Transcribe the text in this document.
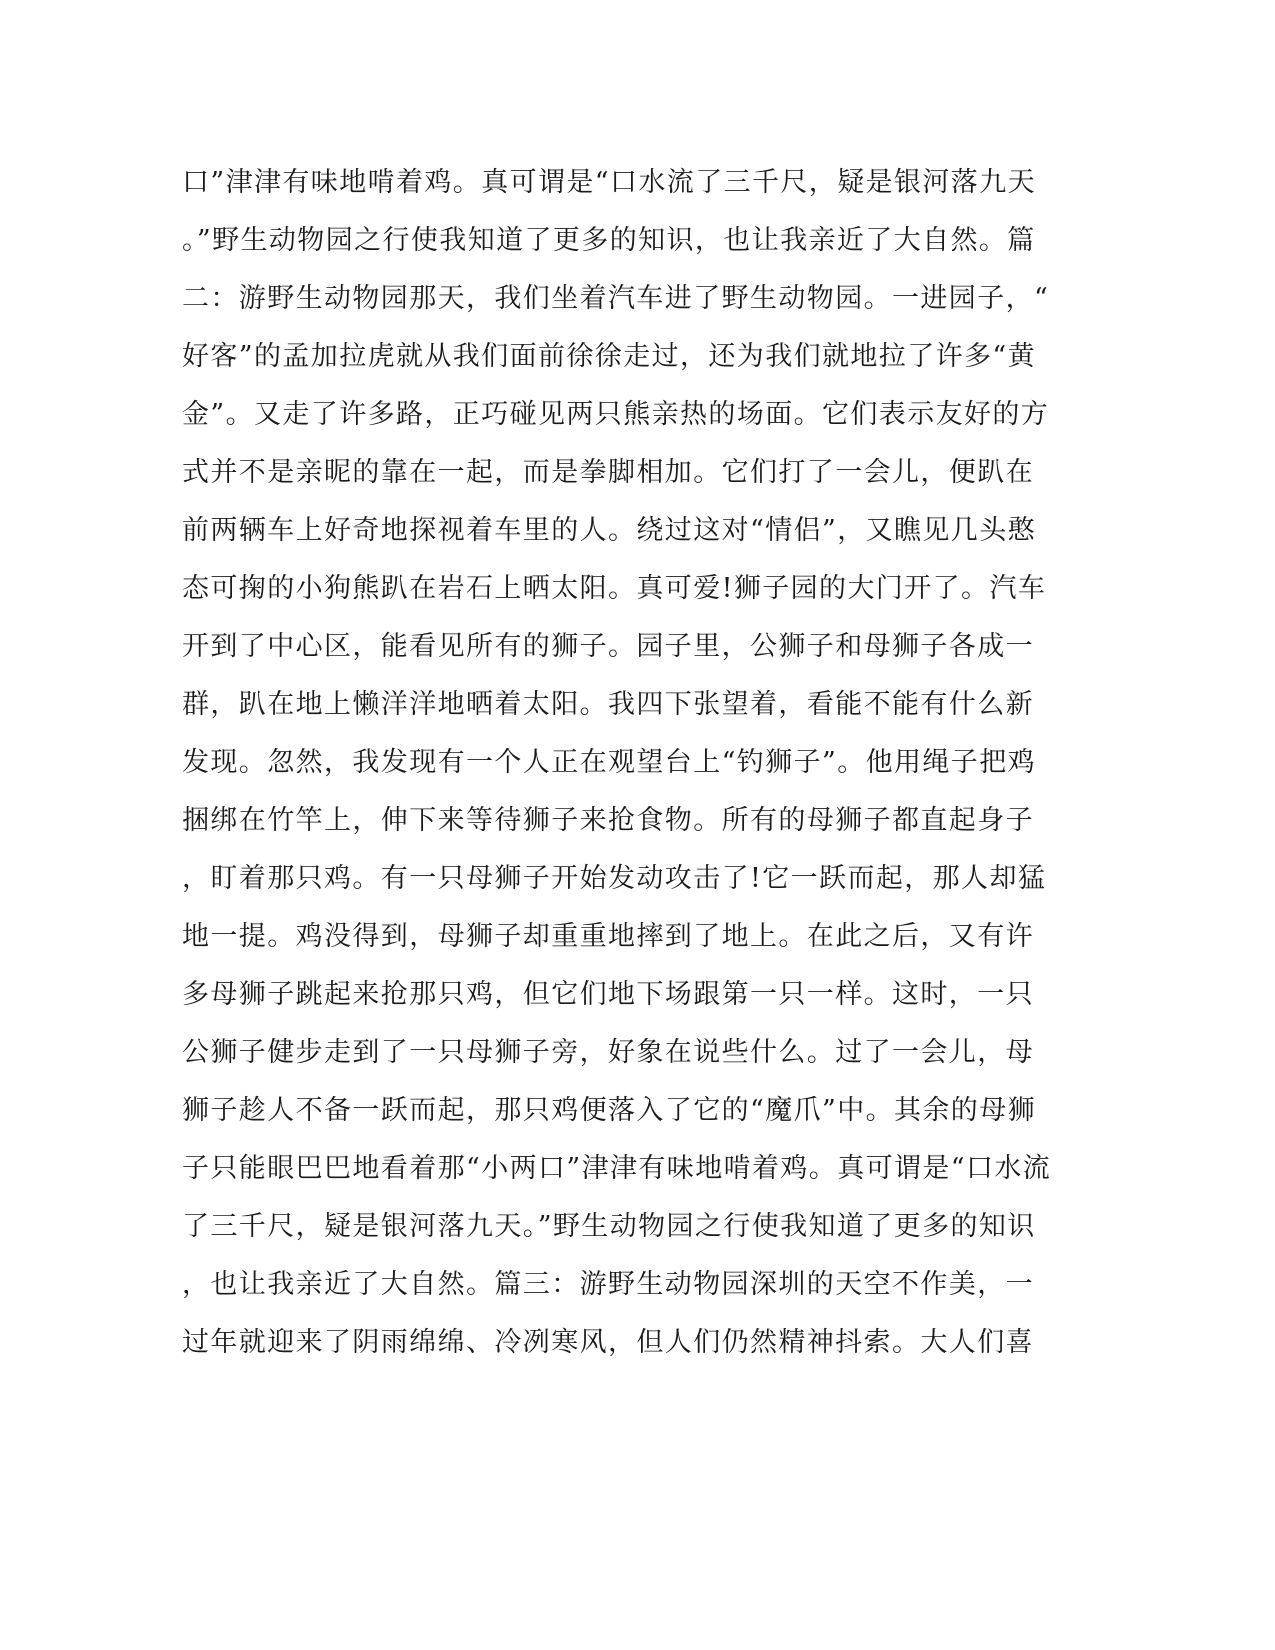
口”津津有味地啃着鸡。真可谓是“口水流了三千尺，疑是银河落九天
。”野生动物园之行使我知道了更多的知识，也让我亲近了大自然。篇
二：游野生动物园那天，我们坐着汽车进了野生动物园。一进园子，“
好客”的孟加拉虎就从我们面前徐徐走过，还为我们就地拉了许多“黄
金”。又走了许多路，正巧碰见两只熊亲热的场面。它们表示友好的方
式并不是亲昵的靠在一起，而是拳脚相加。它们打了一会儿，便趴在
前两辆车上好奇地探视着车里的人。绕过这对“情侣”，又瞧见几头憨
态可掬的小狗熊趴在岩石上晒太阳。真可爱!狮子园的大门开了。汽车
开到了中心区，能看见所有的狮子。园子里，公狮子和母狮子各成一
群，趴在地上懒洋洋地晒着太阳。我四下张望着，看能不能有什么新
发现。忽然，我发现有一个人正在观望台上“钓狮子”。他用绳子把鸡
捆绑在竹竿上，伸下来等待狮子来抢食物。所有的母狮子都直起身子
，盯着那只鸡。有一只母狮子开始发动攻击了!它一跃而起，那人却猛
地一提。鸡没得到，母狮子却重重地摔到了地上。在此之后，又有许
多母狮子跳起来抢那只鸡，但它们地下场跟第一只一样。这时，一只
公狮子健步走到了一只母狮子旁，好象在说些什么。过了一会儿，母
狮子趁人不备一跃而起，那只鸡便落入了它的“魔爪”中。其余的母狮
子只能眼巴巴地看着那“小两口”津津有味地啃着鸡。真可谓是“口水流
了三千尺，疑是银河落九天。”野生动物园之行使我知道了更多的知识
，也让我亲近了大自然。篇三：游野生动物园深圳的天空不作美，一
过年就迎来了阴雨绵绵、冷冽寒风，但人们仍然精神抖索。大人们喜
